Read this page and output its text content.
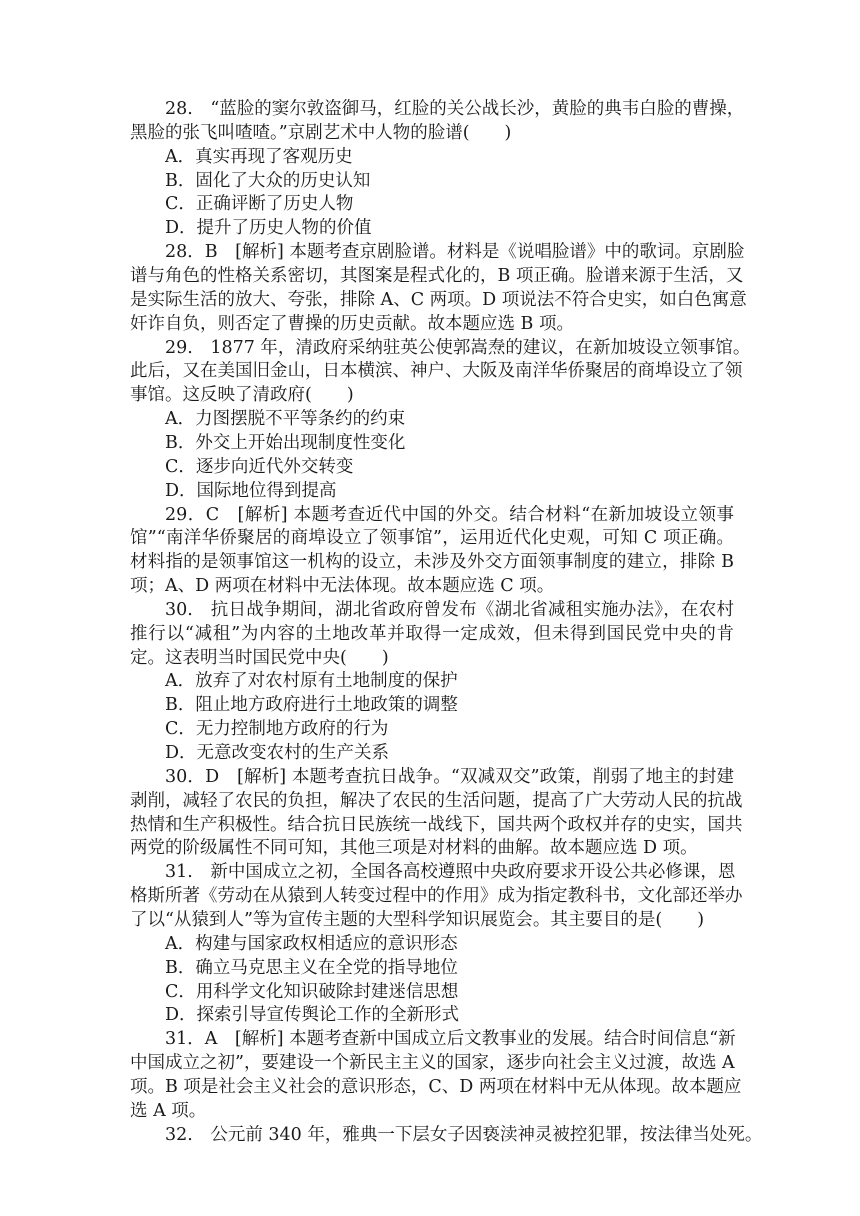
28.　“蓝脸的窦尔敦盗御马，红脸的关公战长沙，黄脸的典韦白脸的曹操，
黑脸的张飞叫喳喳。”京剧艺术中人物的脸谱(　　)
A．真实再现了客观历史
B．固化了大众的历史认知
C．正确评断了历史人物
D．提升了历史人物的价值
28．B　[解析] 本题考查京剧脸谱。材料是《说唱脸谱》中的歌词。京剧脸
谱与角色的性格关系密切，其图案是程式化的，B 项正确。脸谱来源于生活，又
是实际生活的放大、夸张，排除 A、C 两项。D 项说法不符合史实，如白色寓意
奸诈自负，则否定了曹操的历史贡献。故本题应选 B 项。
29.　1877 年，清政府采纳驻英公使郭嵩焘的建议，在新加坡设立领事馆。
此后，又在美国旧金山，日本横滨、神户、大阪及南洋华侨聚居的商埠设立了领
事馆。这反映了清政府(　　)
A．力图摆脱不平等条约的约束
B．外交上开始出现制度性变化
C．逐步向近代外交转变
D．国际地位得到提高
29．C　[解析] 本题考查近代中国的外交。结合材料“在新加坡设立领事
馆”“南洋华侨聚居的商埠设立了领事馆”，运用近代化史观，可知 C 项正确。
材料指的是领事馆这一机构的设立，未涉及外交方面领事制度的建立，排除 B
项；A、D 两项在材料中无法体现。故本题应选 C 项。
30.　抗日战争期间，湖北省政府曾发布《湖北省减租实施办法》，在农村
推行以“减租”为内容的土地改革并取得一定成效，但未得到国民党中央的肯
定。这表明当时国民党中央(　　)
A．放弃了对农村原有土地制度的保护
B．阻止地方政府进行土地政策的调整
C．无力控制地方政府的行为
D．无意改变农村的生产关系
30．D　[解析] 本题考查抗日战争。“双减双交”政策，削弱了地主的封建
剥削，减轻了农民的负担，解决了农民的生活问题，提高了广大劳动人民的抗战
热情和生产积极性。结合抗日民族统一战线下，国共两个政权并存的史实，国共
两党的阶级属性不同可知，其他三项是对材料的曲解。故本题应选 D 项。
31.　新中国成立之初，全国各高校遵照中央政府要求开设公共必修课，恩
格斯所著《劳动在从猿到人转变过程中的作用》成为指定教科书，文化部还举办
了以“从猿到人”等为宣传主题的大型科学知识展览会。其主要目的是(　　)
A．构建与国家政权相适应的意识形态
B．确立马克思主义在全党的指导地位
C．用科学文化知识破除封建迷信思想
D．探索引导宣传舆论工作的全新形式
31．A　[解析] 本题考查新中国成立后文教事业的发展。结合时间信息“新
中国成立之初”，要建设一个新民主主义的国家，逐步向社会主义过渡，故选 A
项。B 项是社会主义社会的意识形态，C、D 两项在材料中无从体现。故本题应
选 A 项。
32.　公元前 340 年，雅典一下层女子因亵渎神灵被控犯罪，按法律当处死。
